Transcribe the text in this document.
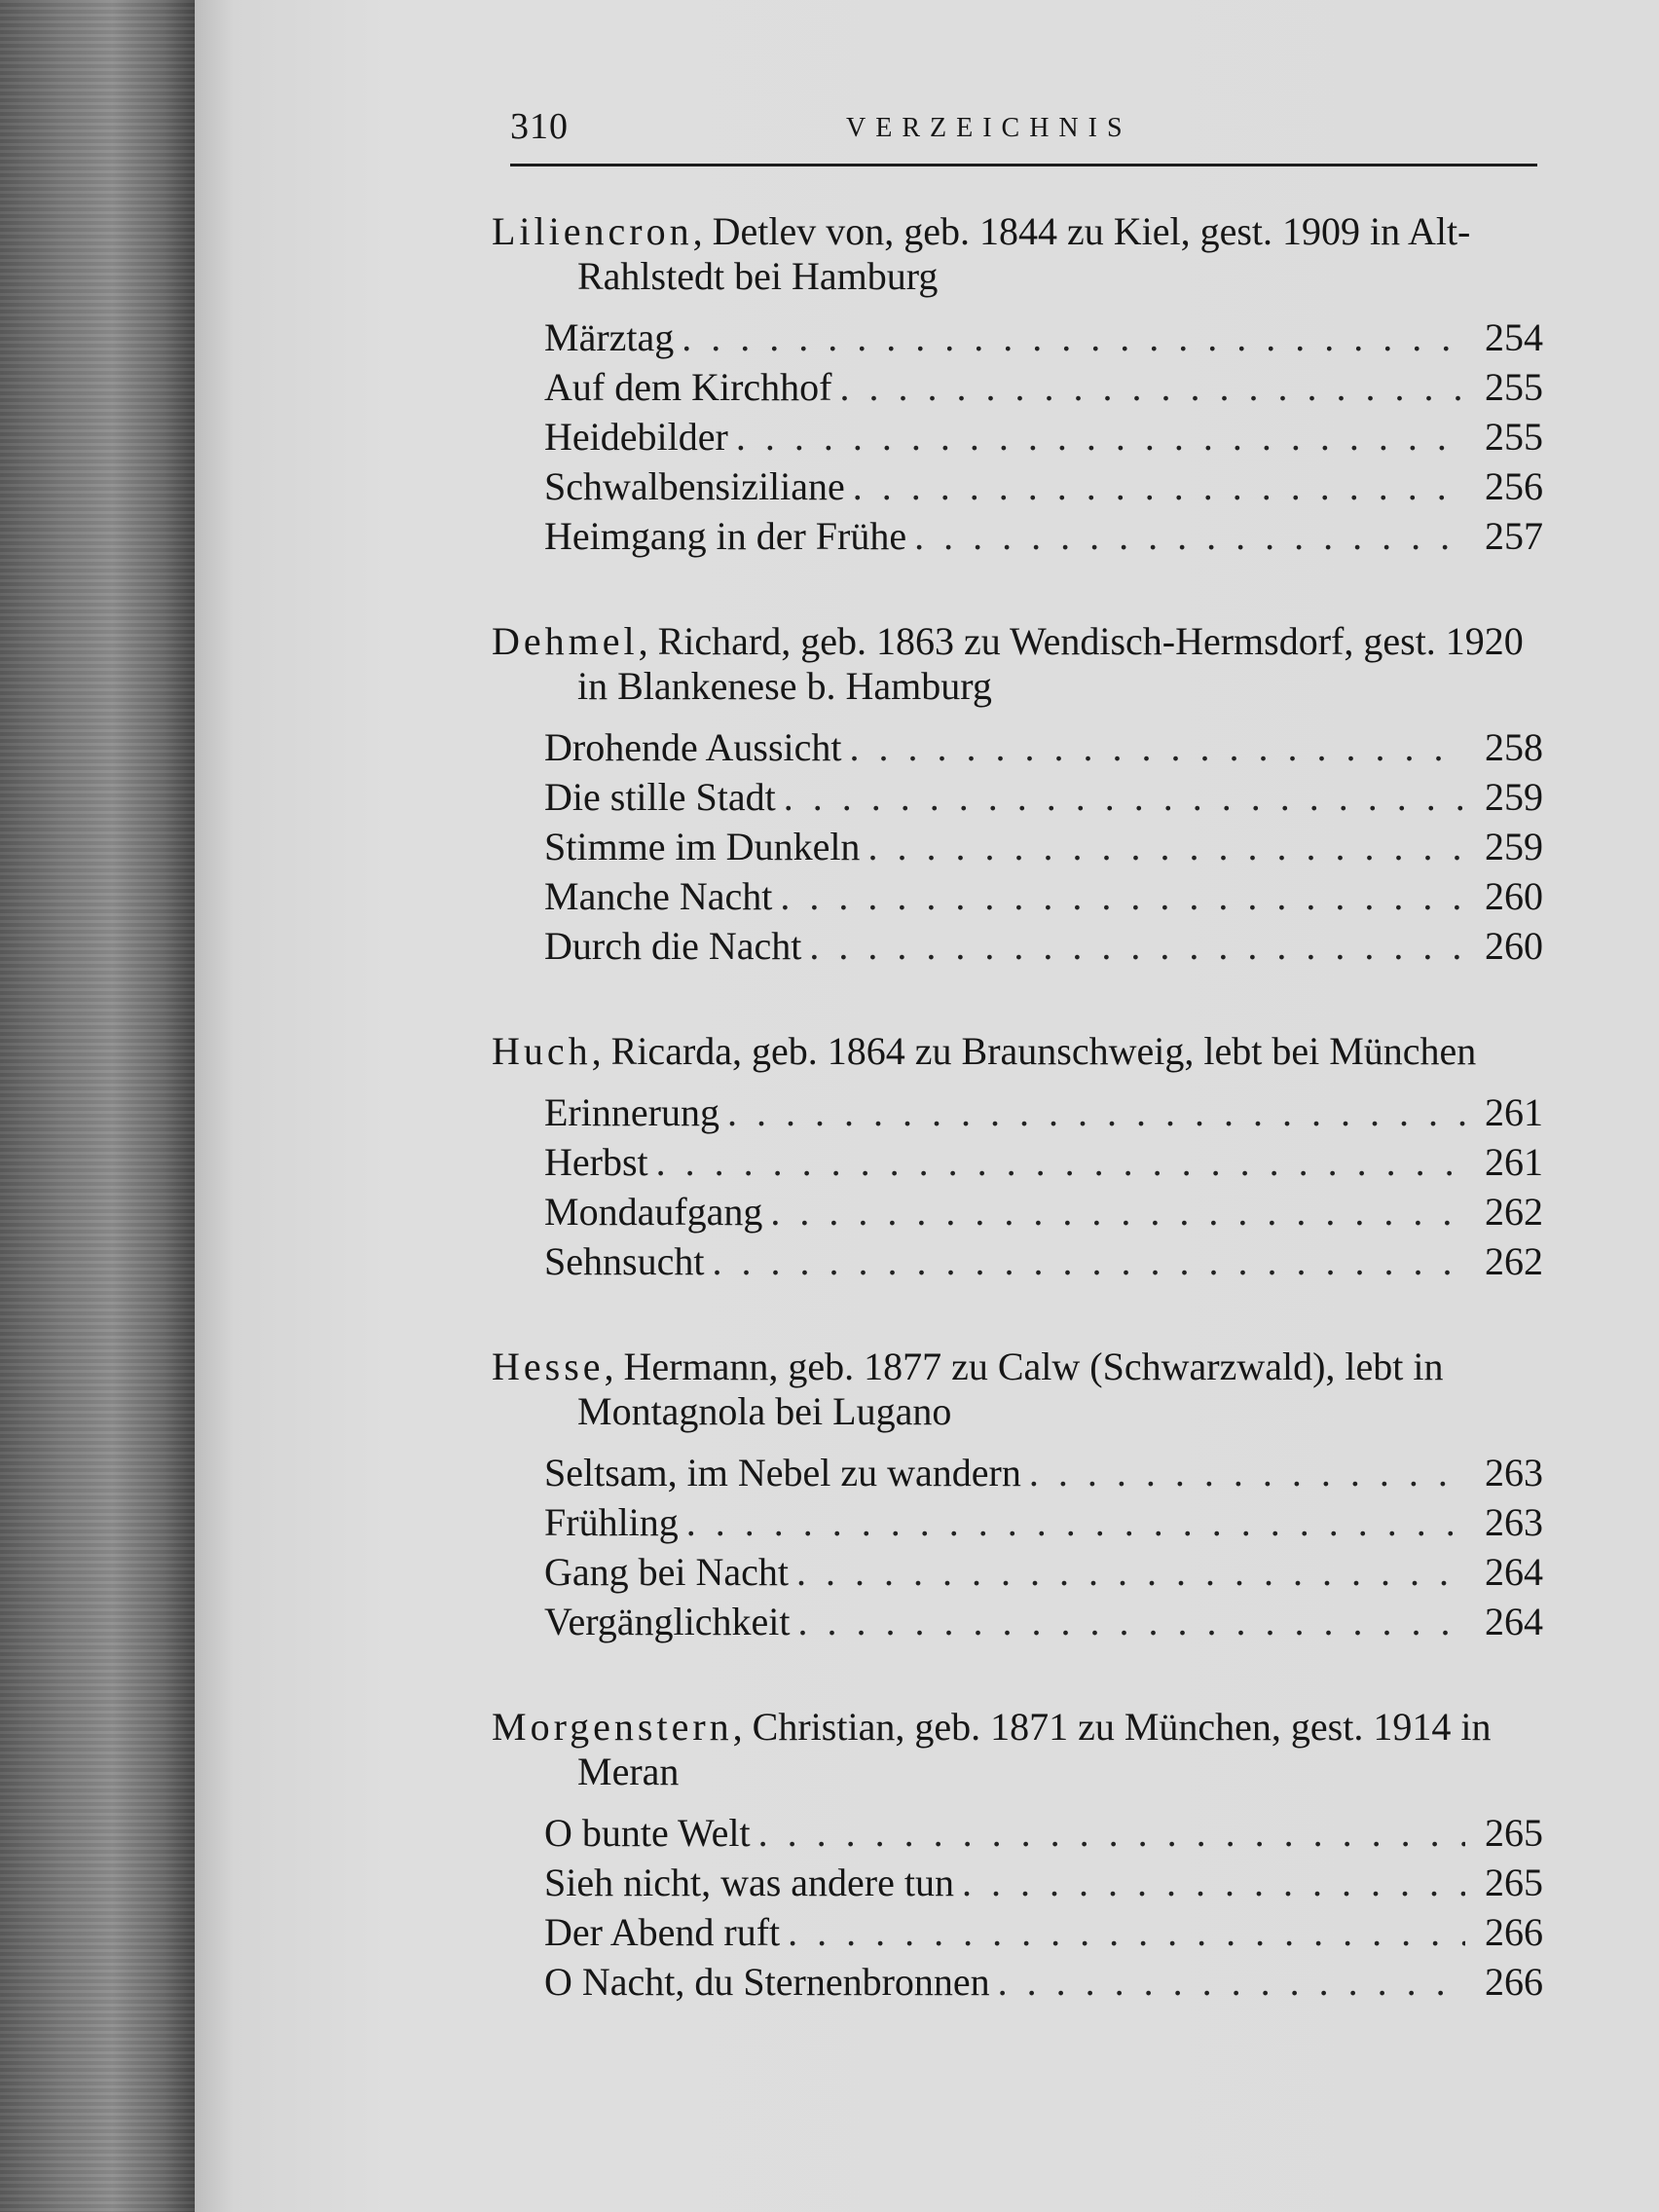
310	VERZEICHNIS
Liliencron, Detlev von, geb. 1844 zu Kiel, gest. 1909 in Alt-Rahlstedt bei Hamburg
Märztag . . .	254
Auf dem Kirchhof . . .	255
Heidebilder . . .	255
Schwalbensiziliane . . .	256
Heimgang in der Frühe . . .	257
Dehmel, Richard, geb. 1863 zu Wendisch-Hermsdorf, gest. 1920 in Blankenese b. Hamburg
Drohende Aussicht . . .	258
Die stille Stadt . . .	259
Stimme im Dunkeln . . .	259
Manche Nacht . . .	260
Durch die Nacht . . .	260
Huch, Ricarda, geb. 1864 zu Braunschweig, lebt bei München
Erinnerung . . .	261
Herbst . . .	261
Mondaufgang . . .	262
Sehnsucht . . .	262
Hesse, Hermann, geb. 1877 zu Calw (Schwarzwald), lebt in Montagnola bei Lugano
Seltsam, im Nebel zu wandern . . .	263
Frühling . . .	263
Gang bei Nacht . . .	264
Vergänglichkeit . . .	264
Morgenstern, Christian, geb. 1871 zu München, gest. 1914 in Meran
O bunte Welt . . .	265
Sieh nicht, was andere tun . . .	265
Der Abend ruft . . .	266
O Nacht, du Sternenbronnen . . .	266
